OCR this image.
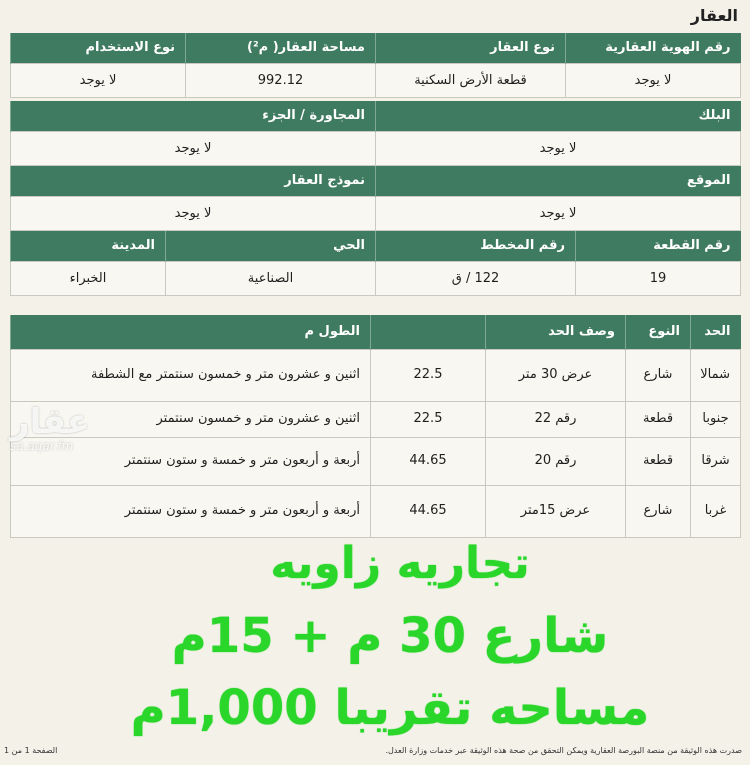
العقار
رقم الهوية العقارية	نوع العقار	مساحة العقار( م²)	نوع الاستخدام
لا يوجد	قطعة الأرض السكنية	992.12	لا يوجد
البلك	المجاورة / الجزء
لا يوجد	لا يوجد
الموقع	نموذج العقار
لا يوجد	لا يوجد
رقم القطعة	رقم المخطط	الحي	المدينة
19	122 / ق	الصناعية	الخبراء
الحد	النوع	وصف الحد		الطول م
شمالا	شارع	عرض 30 متر	22.5	اثنين و عشرون متر و خمسون سنتمتر مع الشطفة
جنوبا	قطعة	رقم 22	22.5	اثنين و عشرون متر و خمسون سنتمتر
شرقا	قطعة	رقم 20	44.65	أربعة و أربعون متر و خمسة و ستون سنتمتر
غربا	شارع	عرض 15متر	44.65	أربعة و أربعون متر و خمسة و ستون سنتمتر
عقار
sa.aqar.fm
تجاريه زاويه
شارع 30 م + 15م
مساحه تقريبا 1,000م
صدرت هذه الوثيقة من منصة البورصة العقارية ويمكن التحقق من صحة هذه الوثيقة عبر خدمات وزارة العدل.
الصفحة 1 من 1
